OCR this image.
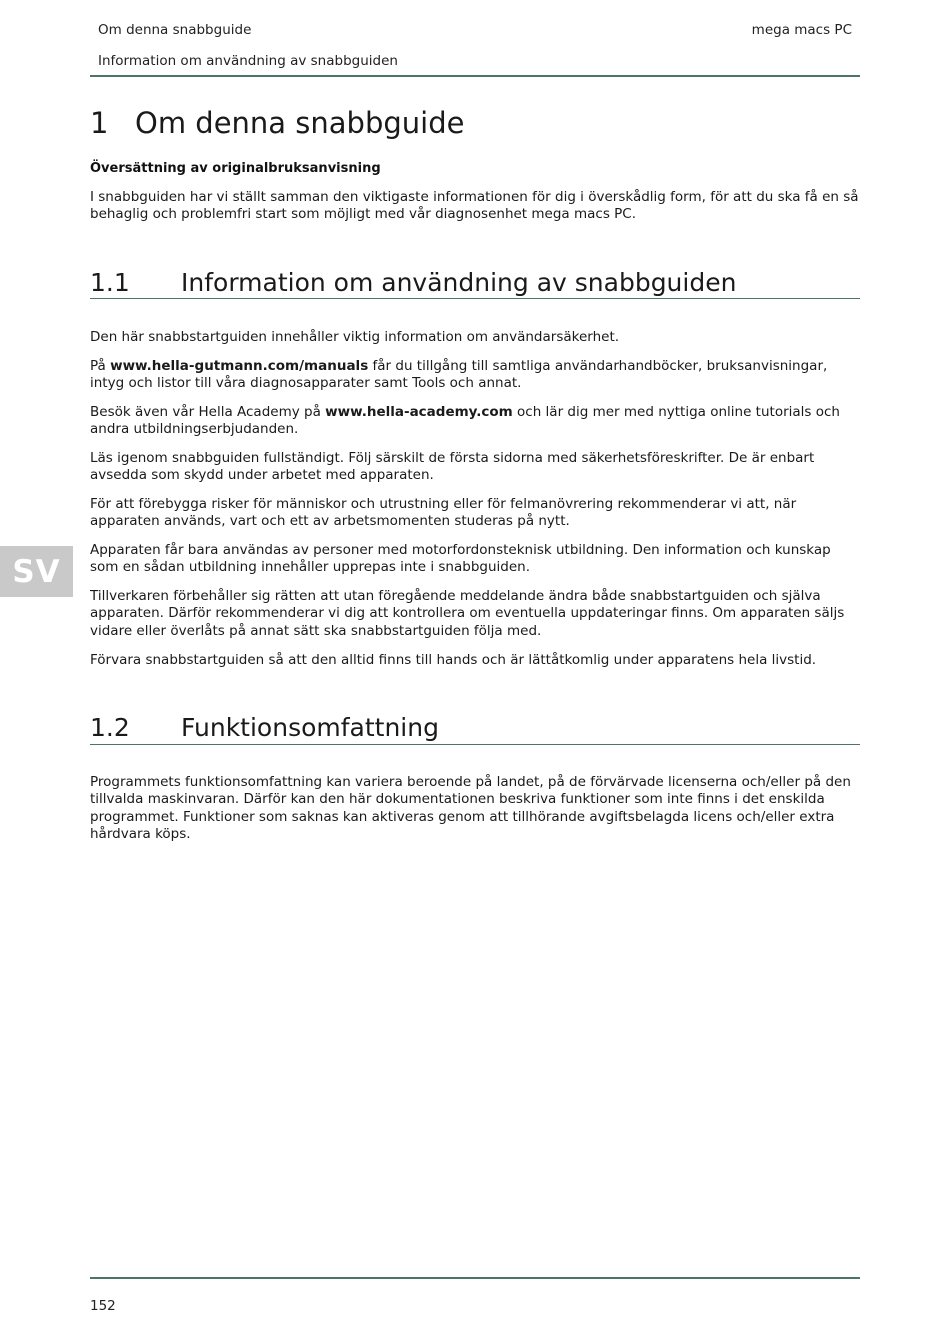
Om denna snabbguide	mega macs PC
Information om användning av snabbguiden
SV
1 Om denna snabbguide
Översättning av originalbruksanvisning

I snabbguiden har vi ställt samman den viktigaste informationen för dig i överskådlig form, för att du ska få en så behaglig och problemfri start som möjligt med vår diagnosenhet mega macs PC.

1.1 Information om användning av snabbguiden

Den här snabbstartguiden innehåller viktig information om användarsäkerhet.

På www.hella-gutmann.com/manuals får du tillgång till samtliga användarhandböcker, bruksanvisningar, intyg och listor till våra diagnosapparater samt Tools och annat.

Besök även vår Hella Academy på www.hella-academy.com och lär dig mer med nyttiga online tutorials och andra utbildningserbjudanden.

Läs igenom snabbguiden fullständigt. Följ särskilt de första sidorna med säkerhetsföreskrifter. De är enbart avsedda som skydd under arbetet med apparaten.

För att förebygga risker för människor och utrustning eller för felmanövrering rekommenderar vi att, när apparaten används, vart och ett av arbetsmomenten studeras på nytt.

Apparaten får bara användas av personer med motorfordonsteknisk utbildning. Den information och kunskap som en sådan utbildning innehåller upprepas inte i snabbguiden.

Tillverkaren förbehåller sig rätten att utan föregående meddelande ändra både snabbstartguiden och själva apparaten. Därför rekommenderar vi dig att kontrollera om eventuella uppdateringar finns. Om apparaten säljs vidare eller överlåts på annat sätt ska snabbstartguiden följa med.

Förvara snabbstartguiden så att den alltid finns till hands och är lättåtkomlig under apparatens hela livstid.

1.2 Funktionsomfattning

Programmets funktionsomfattning kan variera beroende på landet, på de förvärvade licenserna och/eller på den tillvalda maskinvaran. Därför kan den här dokumentationen beskriva funktioner som inte finns i det enskilda programmet. Funktioner som saknas kan aktiveras genom att tillhörande avgiftsbelagda licens och/eller extra hårdvara köps.

152
